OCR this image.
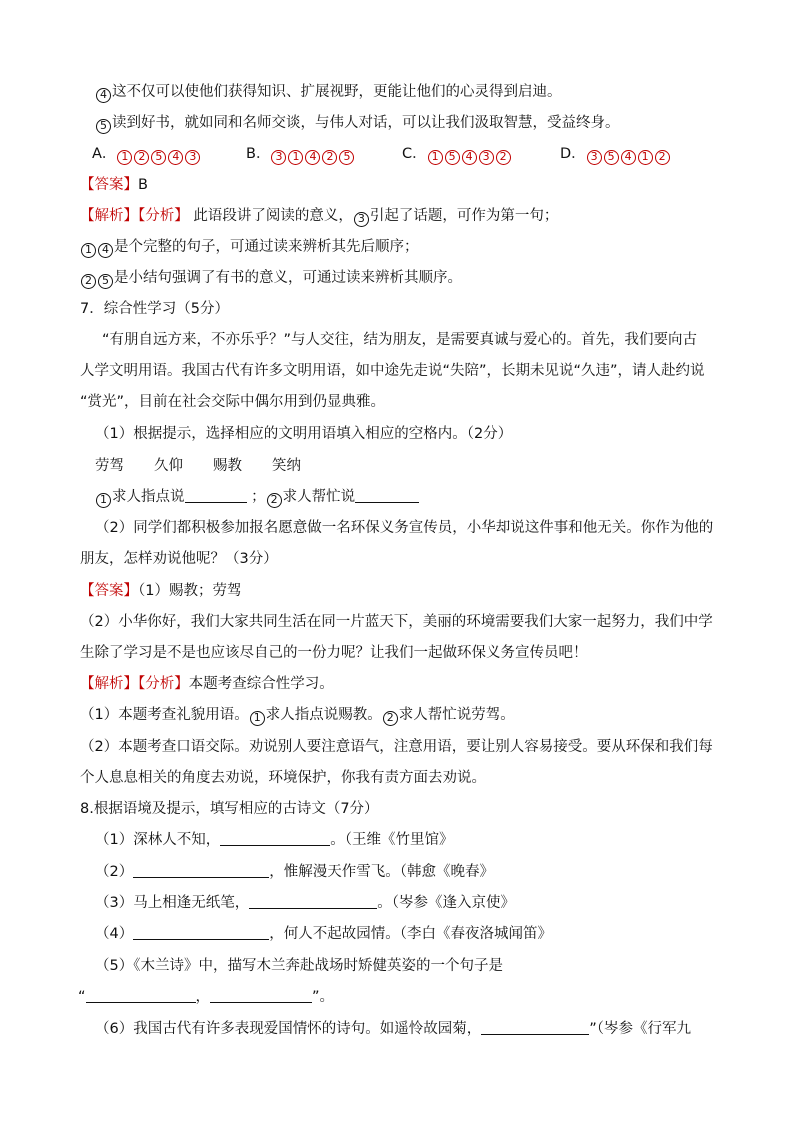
4 这不仅可以使他们获得知识、扩展视野，更能让他们的心灵得到启迪。
5 读到好书，就如同和名师交谈，与伟人对话，可以让我们汲取智慧，受益终身。
A． 1 2 5 4 3	B． 3 1 4 2 5	C． 1 5 4 3 2	D． 3 5 4 1 2
【答案】B
【解析】【分析】 此语段讲了阅读的意义， 3 引起了话题，可作为第一句；
1 4 是个完整的句子，可通过读来辨析其先后顺序；
2 5 是小结句强调了有书的意义，可通过读来辨析其顺序。
7．综合性学习（5分）
“有朋自远方来，不亦乐乎？”与人交往，结为朋友，是需要真诚与爱心的。首先，我们要向古
人学文明用语。我国古代有许多文明用语，如中途先走说“失陪”，长期未见说“久违”，请人赴约说
“赏光”，目前在社会交际中偶尔用到仍显典雅。
（1）根据提示，选择相应的文明用语填入相应的空格内。（2分）
劳驾 久仰 赐教 笑纳
1 求人指点说	； 2 求人帮忙说
（2）同学们都积极参加报名愿意做一名环保义务宣传员，小华却说这件事和他无关。你作为他的
朋友，怎样劝说他呢？（3分）
【答案】（1）赐教；劳驾
（2）小华你好，我们大家共同生活在同一片蓝天下，美丽的环境需要我们大家一起努力，我们中学
生除了学习是不是也应该尽自己的一份力呢？让我们一起做环保义务宣传员吧！
【解析】【分析】本题考查综合性学习。
（1）本题考查礼貌用语。 1 求人指点说赐教。 2 求人帮忙说劳驾。
（2）本题考查口语交际。劝说别人要注意语气，注意用语，要让别人容易接受。要从环保和我们每
个人息息相关的角度去劝说，环境保护，你我有责方面去劝说。
8.根据语境及提示，填写相应的古诗文（7分）
（1）深林人不知，	。（王维《竹里馆》
（2）	，惟解漫天作雪飞。（韩愈《晚春》
（3）马上相逢无纸笔，	。（岑参《逢入京使》
（4）	，何人不起故园情。（李白《春夜洛城闻笛》
（5）《木兰诗》中，描写木兰奔赴战场时矫健英姿的一个句子是
“	，	”。
（6）我国古代有许多表现爱国情怀的诗句。如遥怜故园菊，	”（岑参《行军九
